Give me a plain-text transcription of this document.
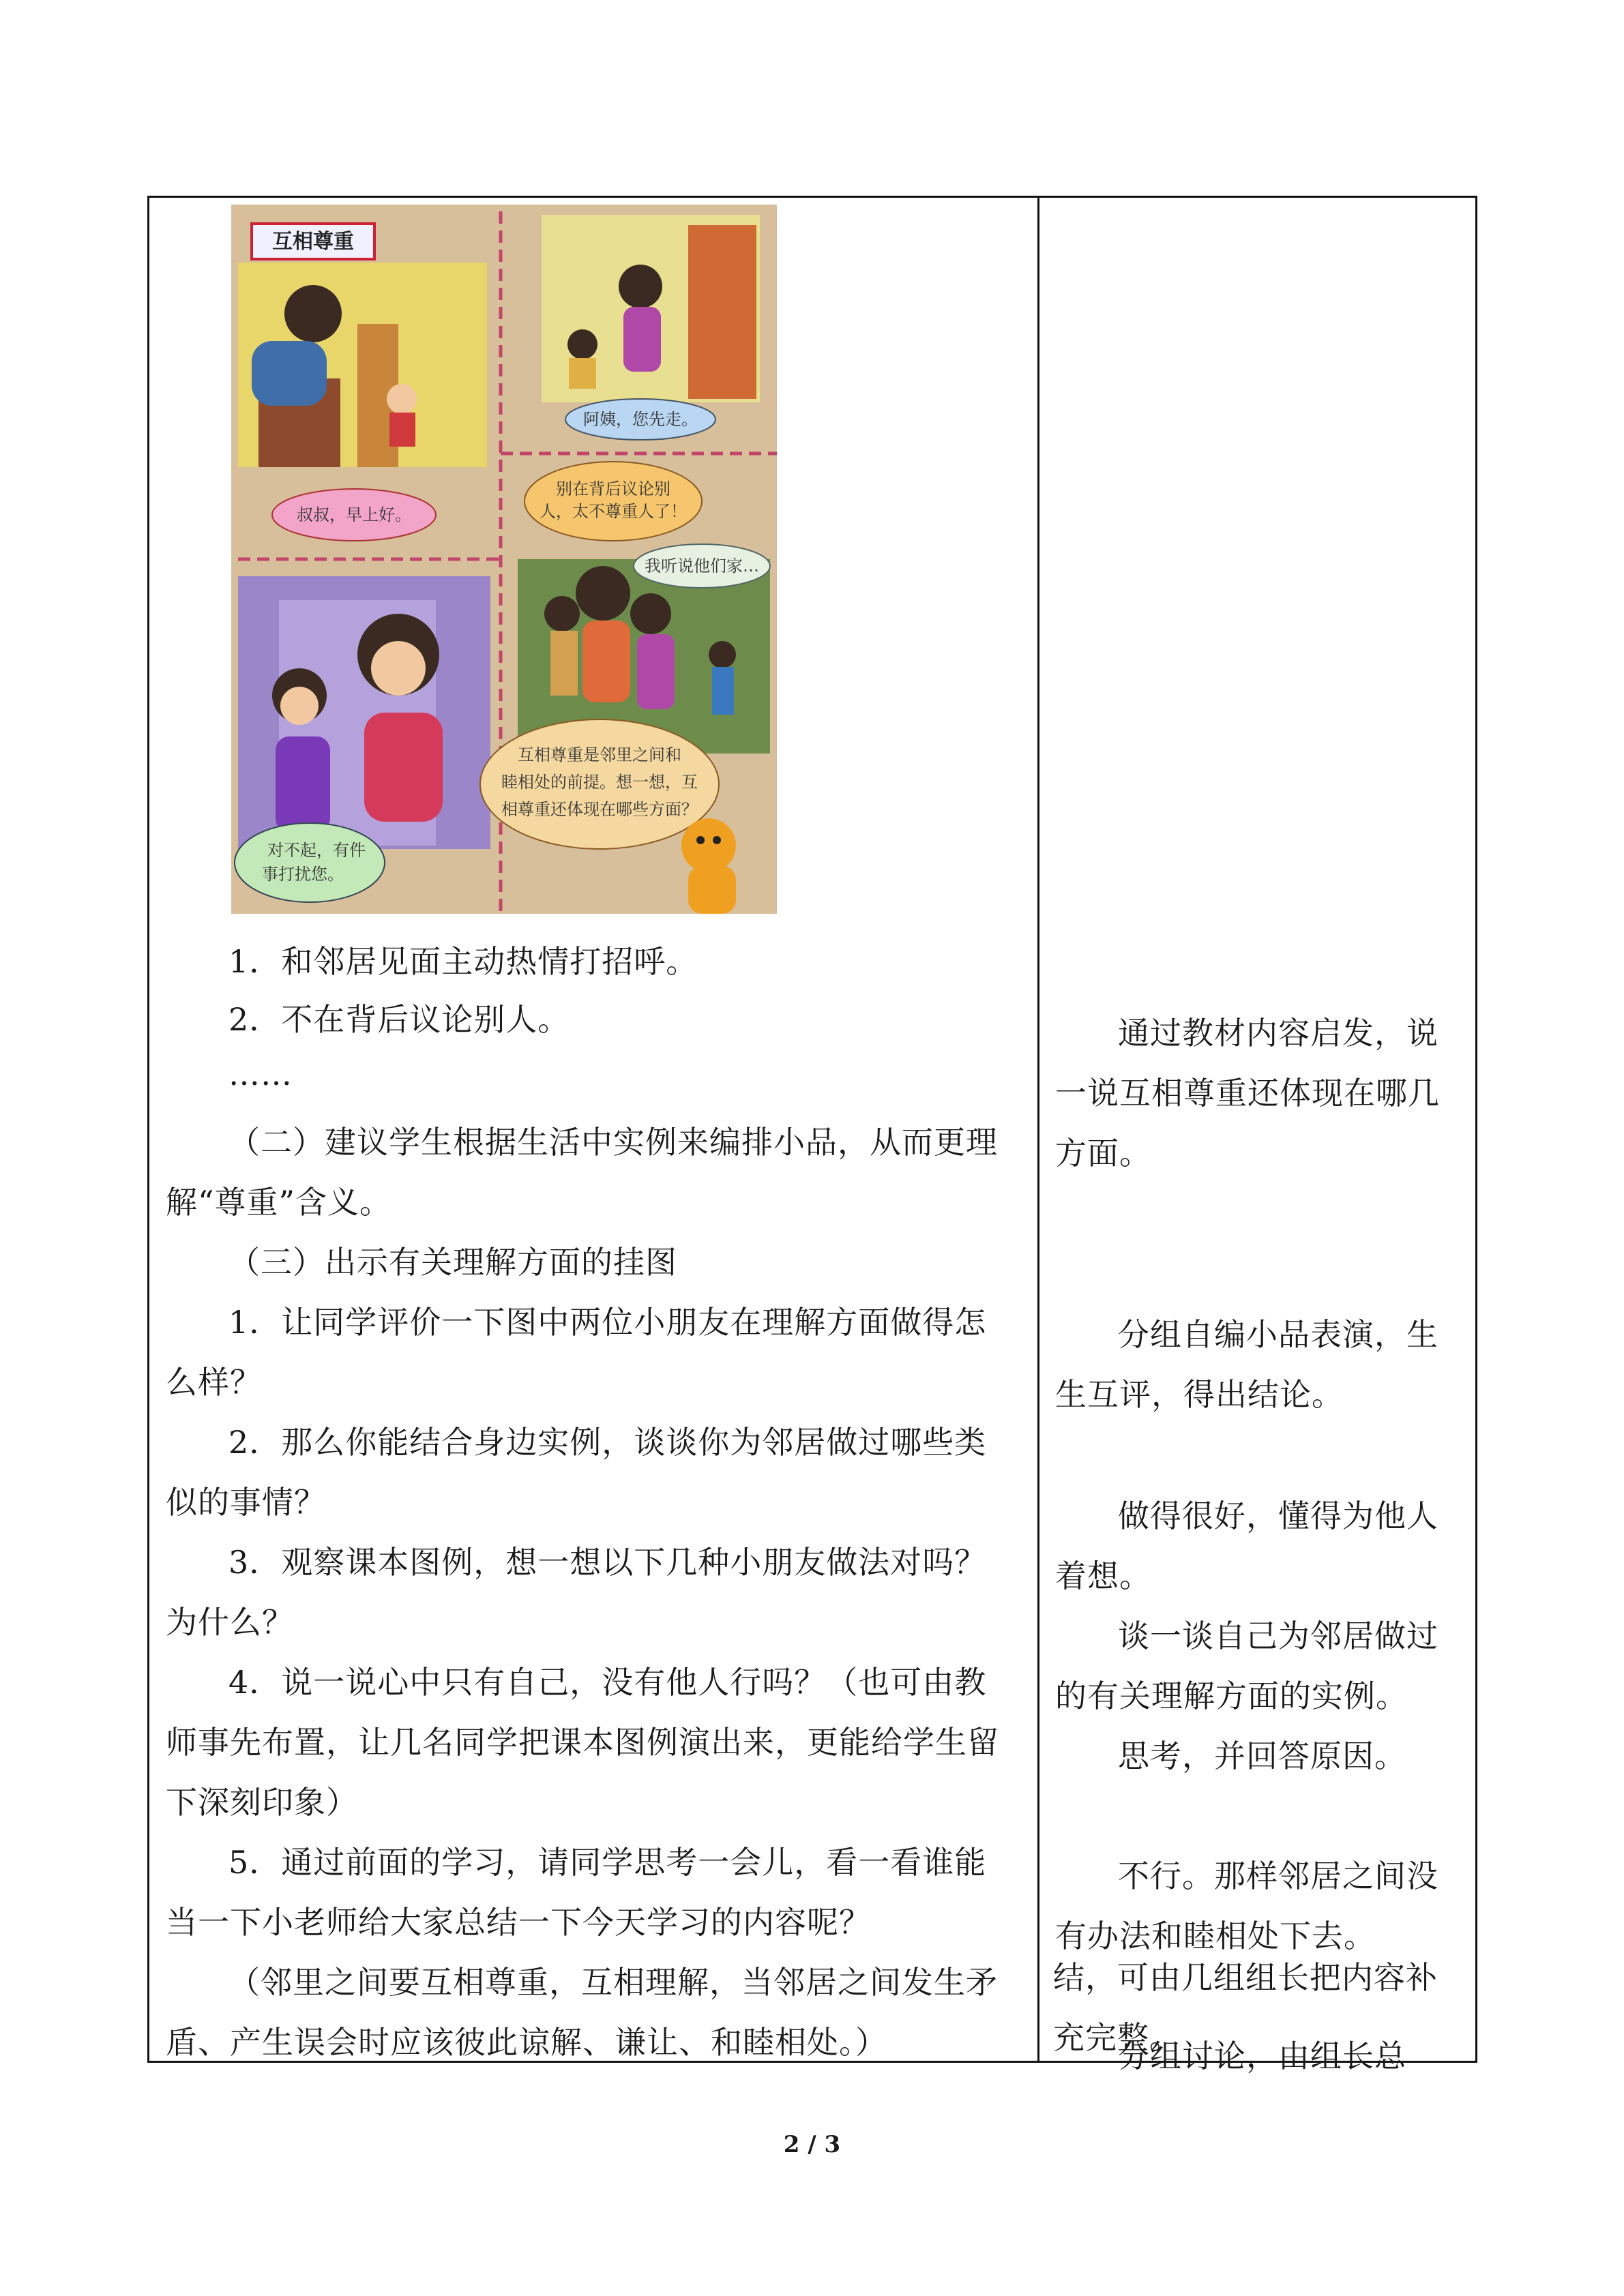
叔叔，早上好。
互相尊重
阿姨，您先走。
别在背后议论别
人，太不尊重人了！
我听说他们家…
互相尊重是邻里之间和
睦相处的前提。想一想，互
相尊重还体现在哪些方面？
对不起，有件
事打扰您。
1．和邻居见面主动热情打招呼。
2．不在背后议论别人。
……
（二）建议学生根据生活中实例来编排小品，从而更理
解“尊重”含义。
（三）出示有关理解方面的挂图
1．让同学评价一下图中两位小朋友在理解方面做得怎
么样？
2．那么你能结合身边实例，谈谈你为邻居做过哪些类
似的事情？
3．观察课本图例，想一想以下几种小朋友做法对吗？
为什么？
4．说一说心中只有自己，没有他人行吗？（也可由教
师事先布置，让几名同学把课本图例演出来，更能给学生留
下深刻印象）
5．通过前面的学习，请同学思考一会儿，看一看谁能
当一下小老师给大家总结一下今天学习的内容呢？
（邻里之间要互相尊重，互相理解，当邻居之间发生矛
盾、产生误会时应该彼此谅解、谦让、和睦相处。）
通过教材内容启发，说
一说互相尊重还体现在哪几
方面。
分组自编小品表演，生
生互评，得出结论。
做得很好，懂得为他人
着想。
谈一谈自己为邻居做过
的有关理解方面的实例。
思考，并回答原因。
不行。那样邻居之间没
有办法和睦相处下去。
分组讨论，由组长总
结，可由几组组长把内容补
充完整。
2 / 3
